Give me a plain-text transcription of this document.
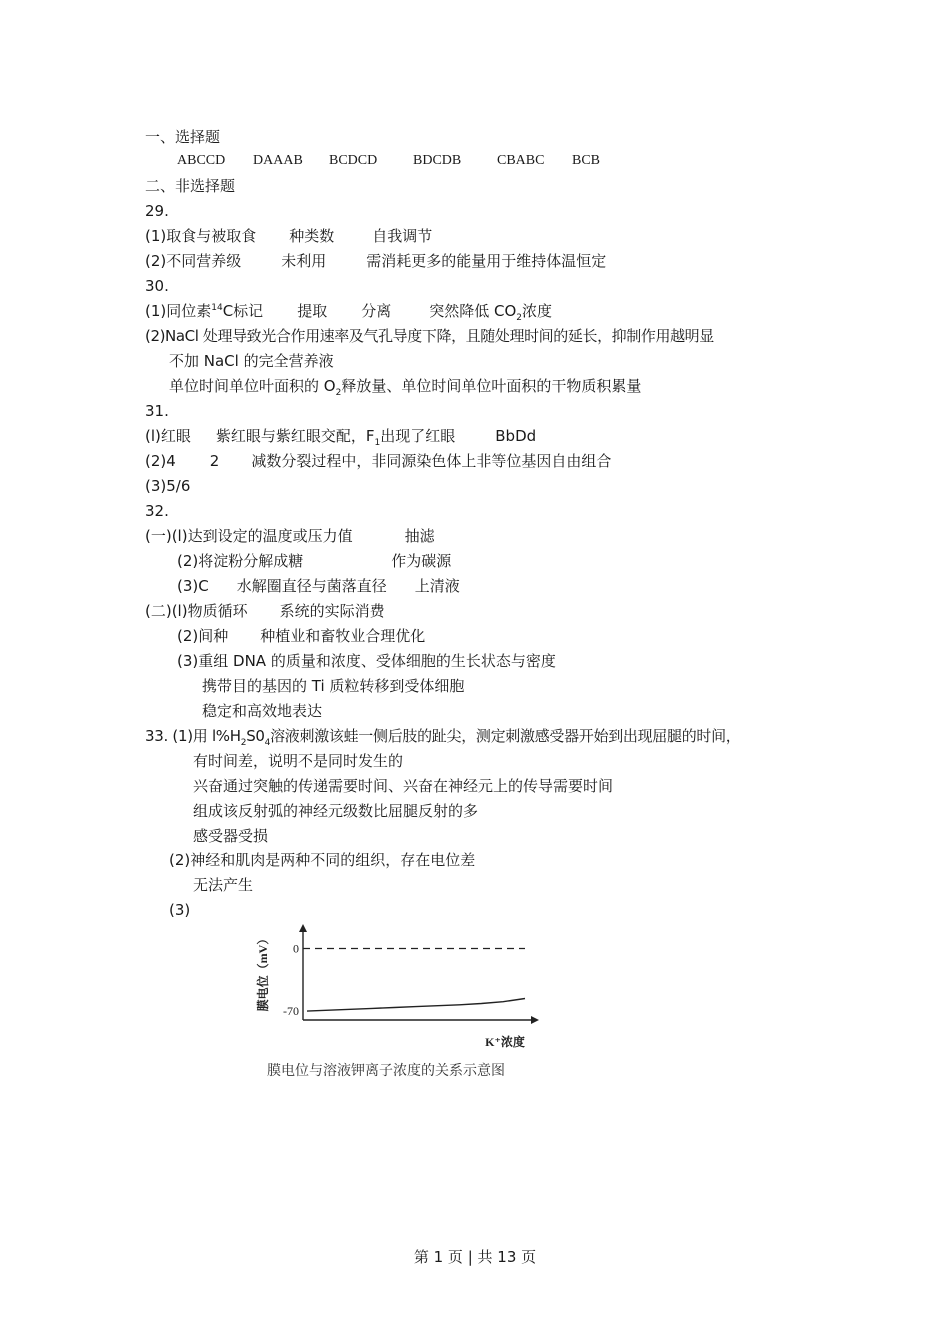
一、选择题
ABCCD DAAAB BCDCD	BDCDB	CBABC BCB
二、非选择题
29.
(1)取食与被取食 种类数	自我调节
(2)不同营养级	未利用	需消耗更多的能量用于维持体温恒定
30.
(1)同位素$^{14}$C标记 提取 分离	突然降低 $CO_2$浓度
(2)NaCl 处理导致光合作用速率及气孔导度下降，且随处理时间的延长，抑制作用越明显
不加 NaCl 的完全营养液
单位时间单位叶面积的 $O_2$释放量、单位时间单位叶面积的干物质积累量
31.
(l)红眼 紫红眼与紫红眼交配，$F_1$出现了红眼	BbDd
(2)4 2 减数分裂过程中，非同源染色体上非等位基因自由组合
(3)5/6
32.
(一)(l)达到设定的温度或压力值	抽滤
(2)将淀粉分解成糖	作为碳源
(3)C 水解圈直径与菌落直径 上清液
(二)(l)物质循环 系统的实际消费
(2)间种 种植业和畜牧业合理优化
(3)重组 DNA 的质量和浓度、受体细胞的生长状态与密度
携带目的基因的 Ti 质粒转移到受体细胞
稳定和高效地表达
33. (1)用 $l\%H_2S0_4$溶液刺激该蛙一侧后肢的趾尖，测定刺激感受器开始到出现屈腿的时间，
有时间差，说明不是同时发生的
兴奋通过突触的传递需要时间、兴奋在神经元上的传导需要时间
组成该反射弧的神经元级数比屈腿反射的多
感受器受损
(2)神经和肌肉是两种不同的组织，存在电位差
无法产生
(3)
膜电位（mV） 0
-70
K⁺浓度
膜电位与溶液钾离子浓度的关系示意图
第 1 页 | 共 13 页
